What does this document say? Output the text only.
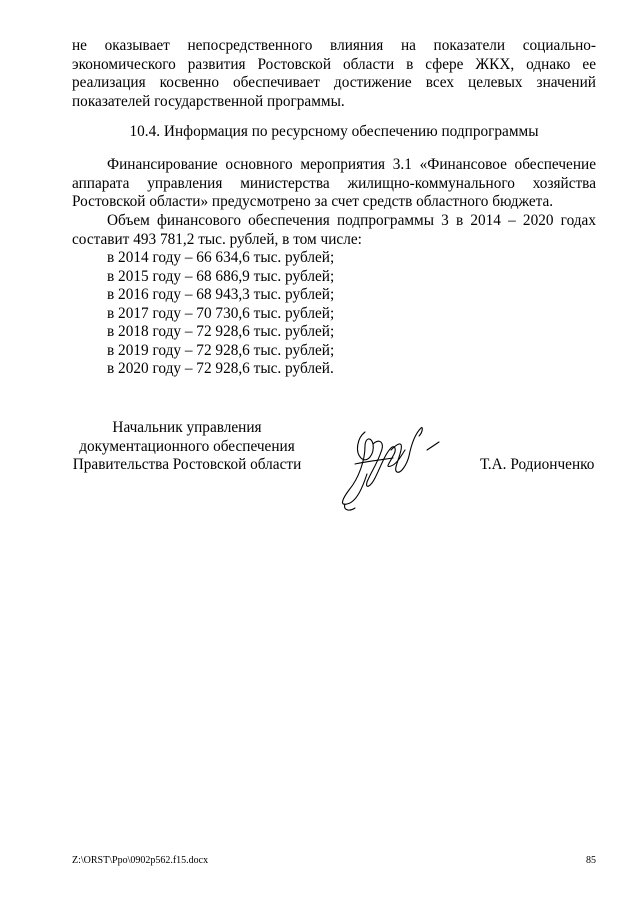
не оказывает непосредственного влияния на показатели социально-экономического развития Ростовской области в сфере ЖКХ, однако ее реализация косвенно обеспечивает достижение всех целевых значений показателей государственной программы.
10.4. Информация по ресурсному обеспечению подпрограммы
Финансирование основного мероприятия 3.1 «Финансовое обеспечение аппарата управления министерства жилищно-коммунального хозяйства Ростовской области» предусмотрено за счет средств областного бюджета.
Объем финансового обеспечения подпрограммы 3 в 2014 – 2020 годах составит 493 781,2 тыс. рублей, в том числе:
в 2014 году – 66 634,6 тыс. рублей;
в 2015 году – 68 686,9 тыс. рублей;
в 2016 году – 68 943,3 тыс. рублей;
в 2017 году – 70 730,6 тыс. рублей;
в 2018 году – 72 928,6 тыс. рублей;
в 2019 году – 72 928,6 тыс. рублей;
в 2020 году – 72 928,6 тыс. рублей.
Начальник управления
документационного обеспечения
Правительства Ростовской области	Т.А. Родионченко
Z:\ORST\Ppo\0902p562.f15.docx	85
